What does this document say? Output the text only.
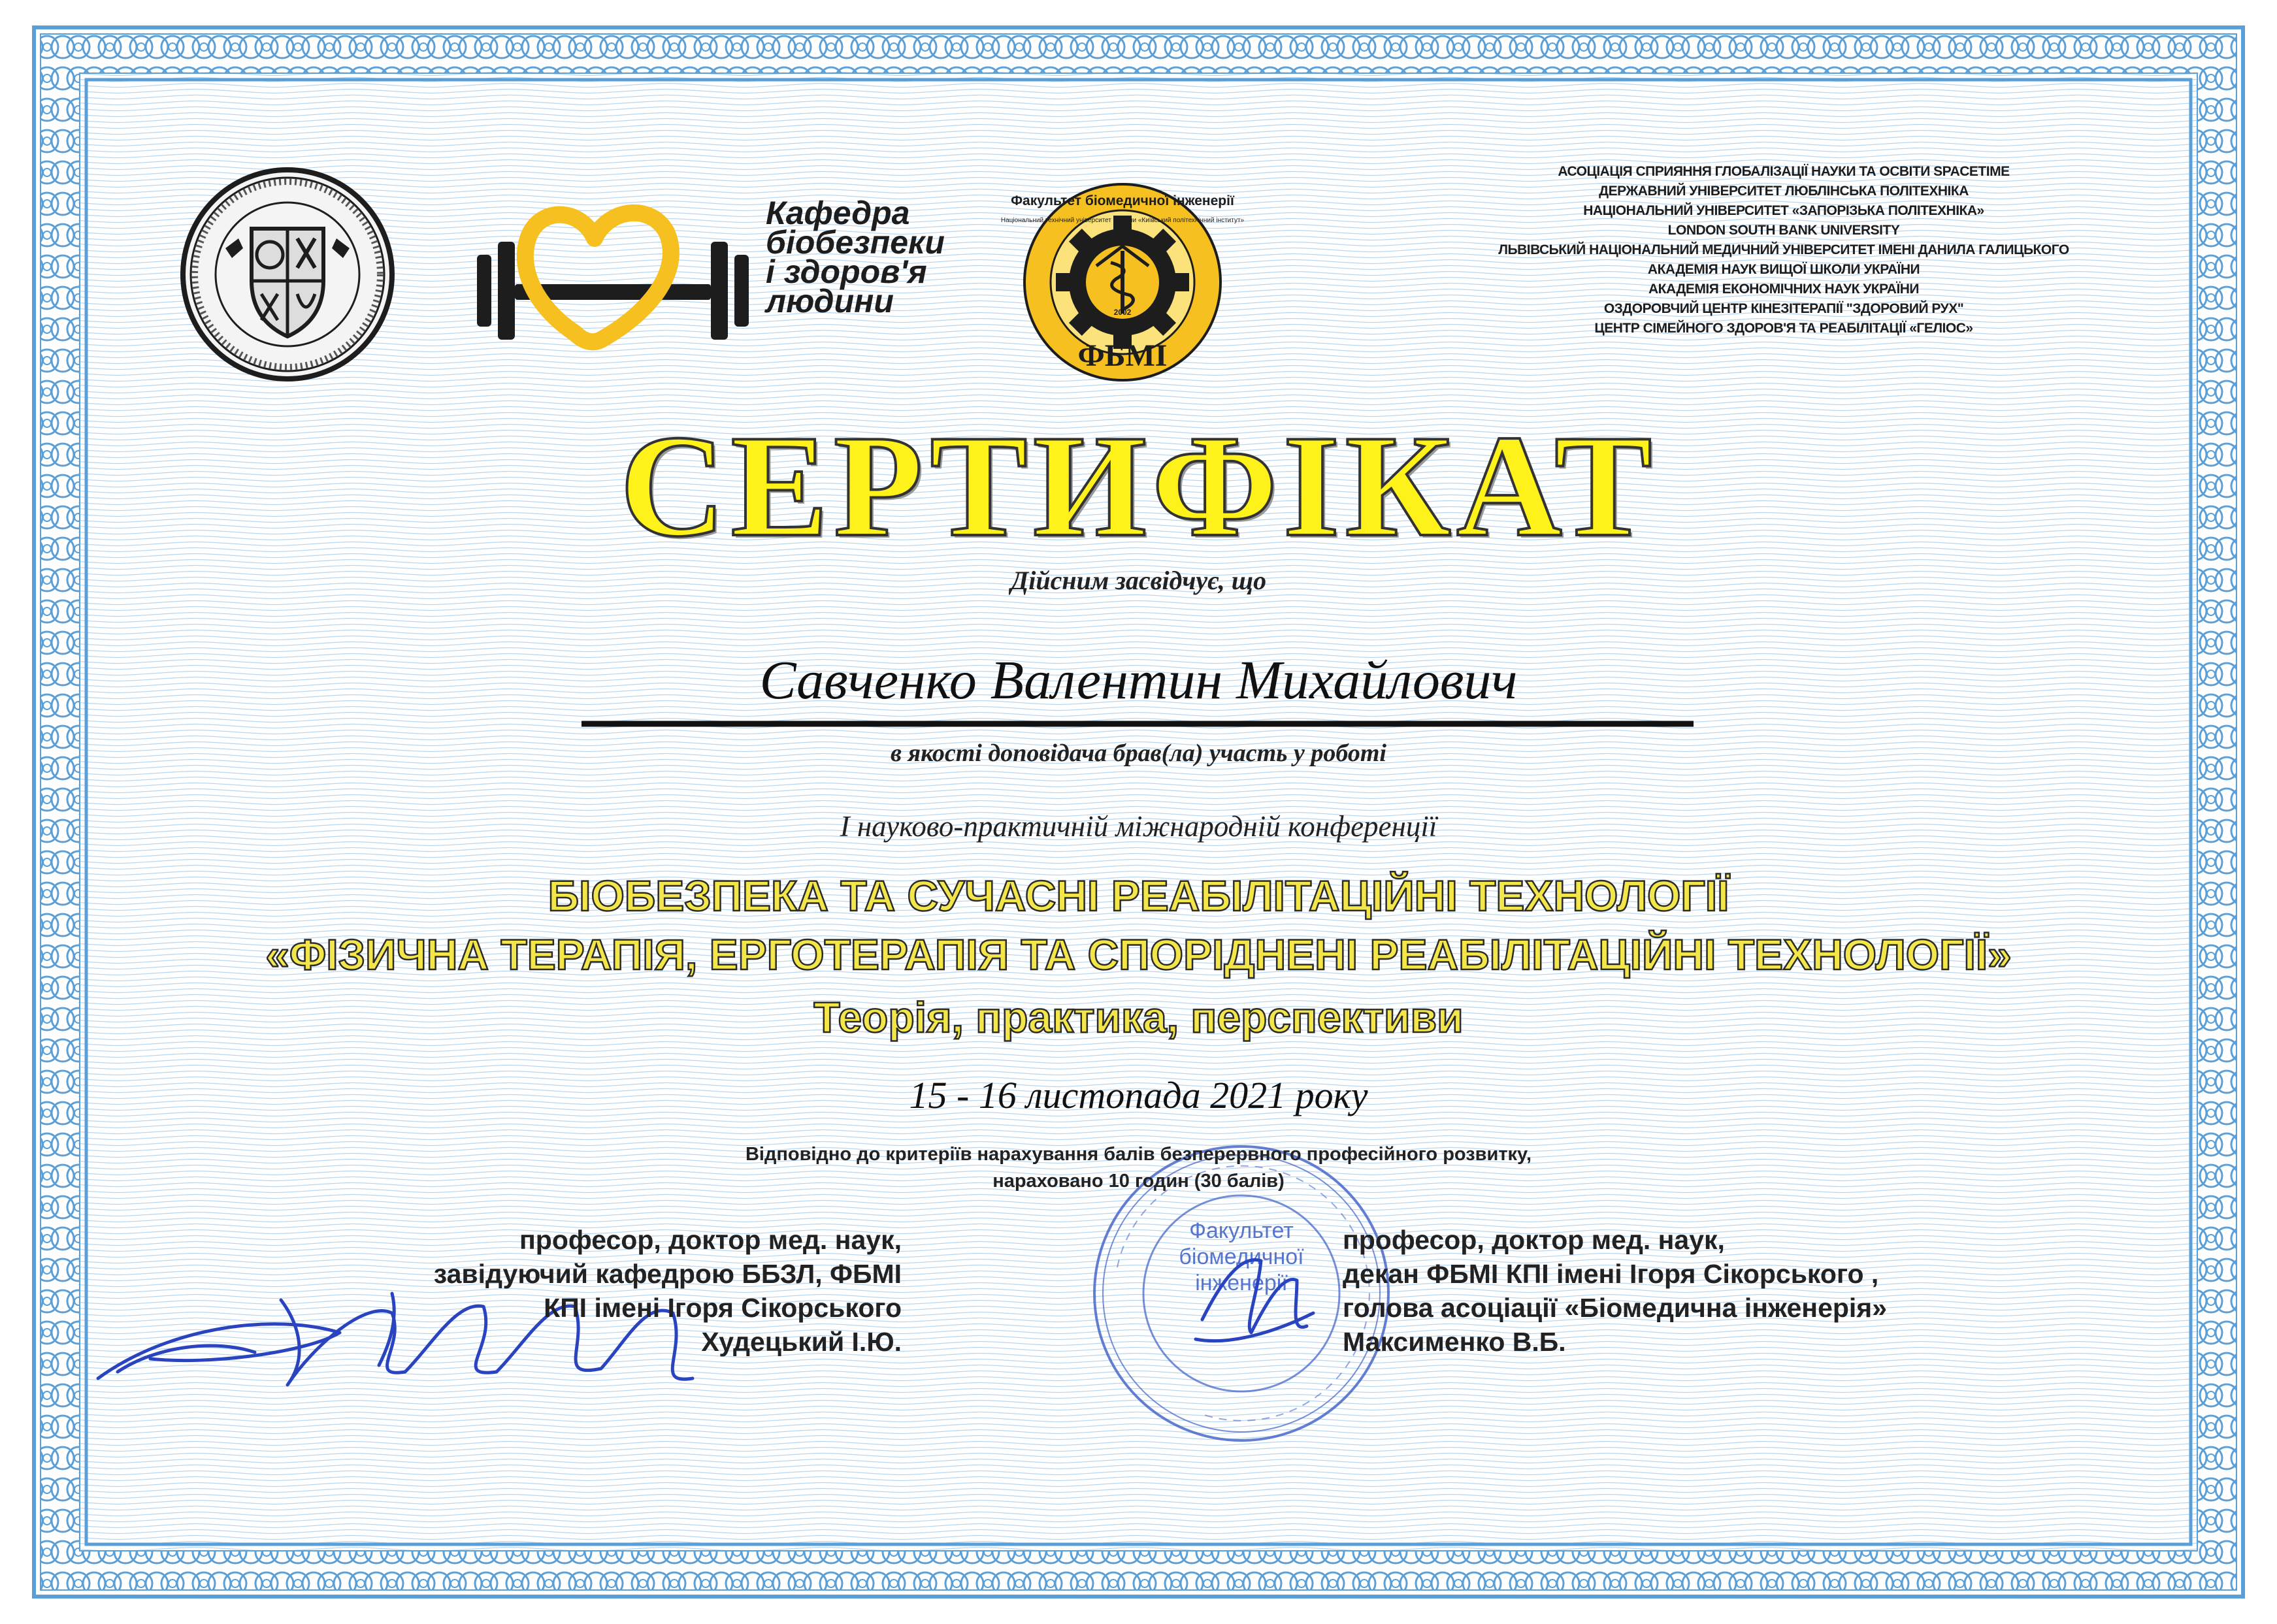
Факультет біомедичної інженерії
Національний технічний університет України «Київський політехнічний інститут»
2002
ФБМІ
Факультет
біомедичної
інженерії
Кафедра
біобезпеки
і здоров'я
людини
АСОЦІАЦІЯ СПРИЯННЯ ГЛОБАЛІЗАЦІЇ НАУКИ ТА ОСВІТИ SPACETIME
ДЕРЖАВНИЙ УНІВЕРСИТЕТ ЛЮБЛІНСЬКА ПОЛІТЕХНІКА
НАЦІОНАЛЬНИЙ УНІВЕРСИТЕТ «ЗАПОРІЗЬКА ПОЛІТЕХНІКА»
LONDON SOUTH BANK UNIVERSITY
ЛЬВІВСЬКИЙ НАЦІОНАЛЬНИЙ МЕДИЧНИЙ УНІВЕРСИТЕТ ІМЕНІ ДАНИЛА ГАЛИЦЬКОГО
АКАДЕМІЯ НАУК ВИЩОЇ ШКОЛИ УКРАЇНИ
АКАДЕМІЯ ЕКОНОМІЧНИХ НАУК УКРАЇНИ
ОЗДОРОВЧИЙ ЦЕНТР КІНЕЗІТЕРАПІЇ "ЗДОРОВИЙ РУХ"
ЦЕНТР СІМЕЙНОГО ЗДОРОВ'Я ТА РЕАБІЛІТАЦІЇ «ГЕЛІОС»
СЕРТИФІКАТ
Дійсним засвідчує, що
Савченко Валентин Михайлович
в якості доповідача брав(ла) участь у роботі
І науково-практичній міжнародній конференції
БІОБЕЗПЕКА ТА СУЧАСНІ РЕАБІЛІТАЦІЙНІ ТЕХНОЛОГІЇ
«ФІЗИЧНА ТЕРАПІЯ, ЕРГОТЕРАПІЯ ТА СПОРІДНЕНІ РЕАБІЛІТАЦІЙНІ ТЕХНОЛОГІЇ»
Теорія, практика, перспективи
15 - 16 листопада 2021 року
Відповідно до критеріїв нарахування балів безперервного професійного розвитку,
нараховано 10 годин (30 балів)
професор, доктор мед. наук,
завідуючий кафедрою ББЗЛ, ФБМІ
КПІ імені Ігоря Сікорського
Худецький І.Ю.
професор, доктор мед. наук,
декан ФБМІ КПІ імені Ігоря Сікорського ,
голова асоціації «Біомедична інженерія»
Максименко В.Б.
